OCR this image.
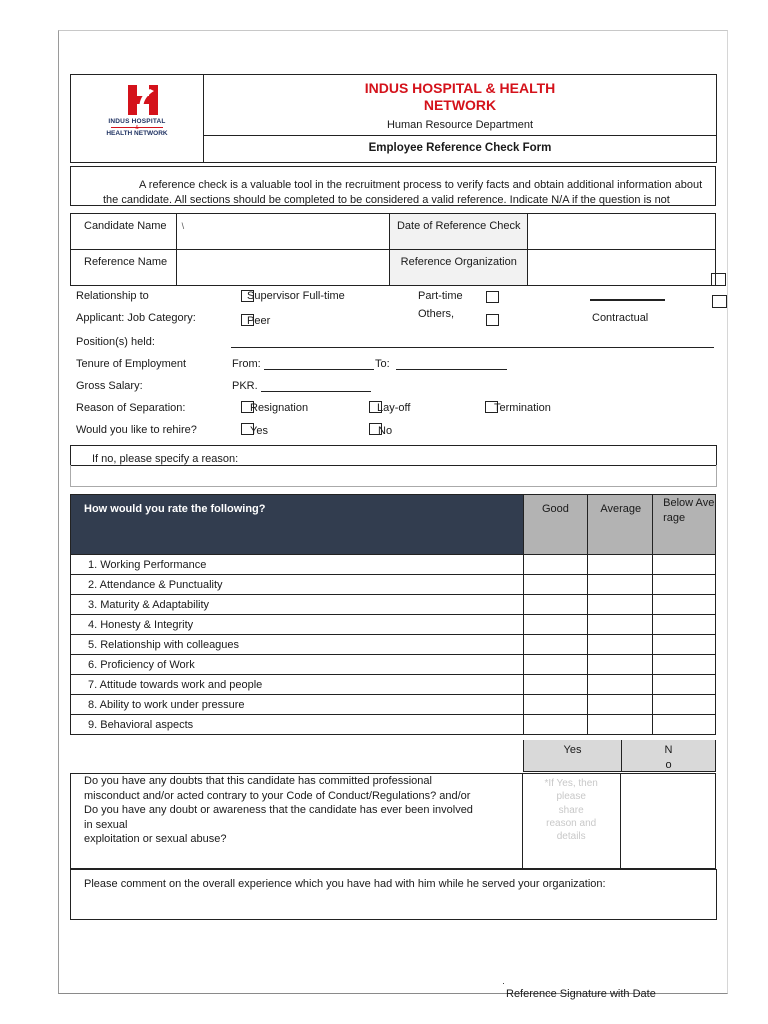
INDUS HOSPITAL
&
HEALTH NETWORK
INDUS HOSPITAL & HEALTH
NETWORK
Human Resource Department
Employee Reference Check Form

A reference check is a valuable tool in the recruitment process to verify facts and obtain additional information about the candidate. All sections should be completed to be considered a valid reference. Indicate N/A if the question is not

Candidate Name	\	Date of Reference Check	
Reference Name		Reference Organization	
Relationship to
Applicant: Job Category:
Supervisor Full-time
Peer
Part-time
Others,	Contractual
Position(s) held:
Tenure of Employment	From:	To:
Gross Salary:	PKR.
Reason of Separation:	Resignation	Lay-off	Termination
Would you like to rehire?	Yes	No
If no, please specify a reason:
How would you rate the following?	Good	Average	Below Average
1. Working Performance			
2. Attendance & Punctuality			
3. Maturity & Adaptability			
4. Honesty & Integrity			
5. Relationship with colleagues			
6. Proficiency of Work			
7. Attitude towards work and people			
8. Ability to work under pressure			
9. Behavioral aspects			
Yes	No
Do you have any doubts that this candidate has committed professional
misconduct and/or acted contrary to your Code of Conduct/Regulations? and/or
Do you have any doubt or awareness that the candidate has ever been involved
in sexual
exploitation or sexual abuse?
	*If Yes, then please share reason and details	
Please comment on the overall experience which you have had with him while he served your organization:
Reference Signature with Date
